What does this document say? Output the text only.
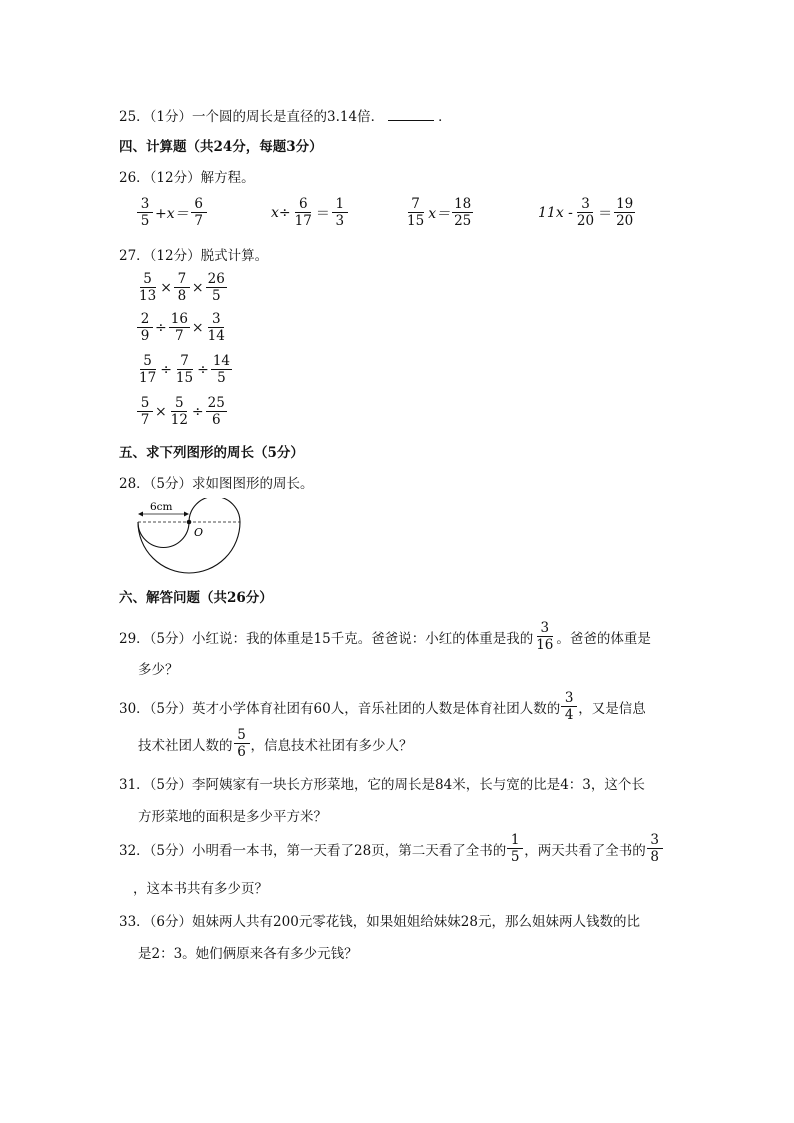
25．（1分）一个圆的周长是直径的3.14倍．	．
四、计算题（共24分，每题3分）
26．（12分）解方程。
$\frac{3}{5} +x= \frac{6}{7}$	$x\div \frac{6}{17} = \frac{1}{3}$	$\frac{7}{15} x= \frac{18}{25}$	$11x - \frac{3}{20} = \frac{19}{20}$
27．（12分）脱式计算。
$\frac{5}{13} \times \frac{7}{8} \times \frac{26}{5}$
$\frac{2}{9} \div \frac{16}{7} \times \frac{3}{14}$
$\frac{5}{17} \div \frac{7}{15} \div \frac{14}{5}$
$\frac{5}{7} \times \frac{5}{12} \div \frac{25}{6}$
五、求下列图形的周长（5分）
28．（5分）求如图图形的周长。
6cm
O
六、解答问题（共26分）
29．（5分）小红说：我的体重是15千克。爸爸说：小红的体重是我的 $\frac{3}{16}$ 。爸爸的体重是
多少？
30．（5分）英才小学体育社团有60人，音乐社团的人数是体育社团人数的 $\frac{3}{4}$ ，又是信息
技术社团人数的 $\frac{5}{6}$ ，信息技术社团有多少人？
31．（5分）李阿姨家有一块长方形菜地，它的周长是84米，长与宽的比是4：3，这个长
方形菜地的面积是多少平方米？
32．（5分）小明看一本书，第一天看了28页，第二天看了全书的 $\frac{1}{5}$ ，两天共看了全书的 $\frac{3}{8}$
，这本书共有多少页？
33．（6分）姐妹两人共有200元零花钱，如果姐姐给妹妹28元，那么姐妹两人钱数的比
是2：3。她们俩原来各有多少元钱？
